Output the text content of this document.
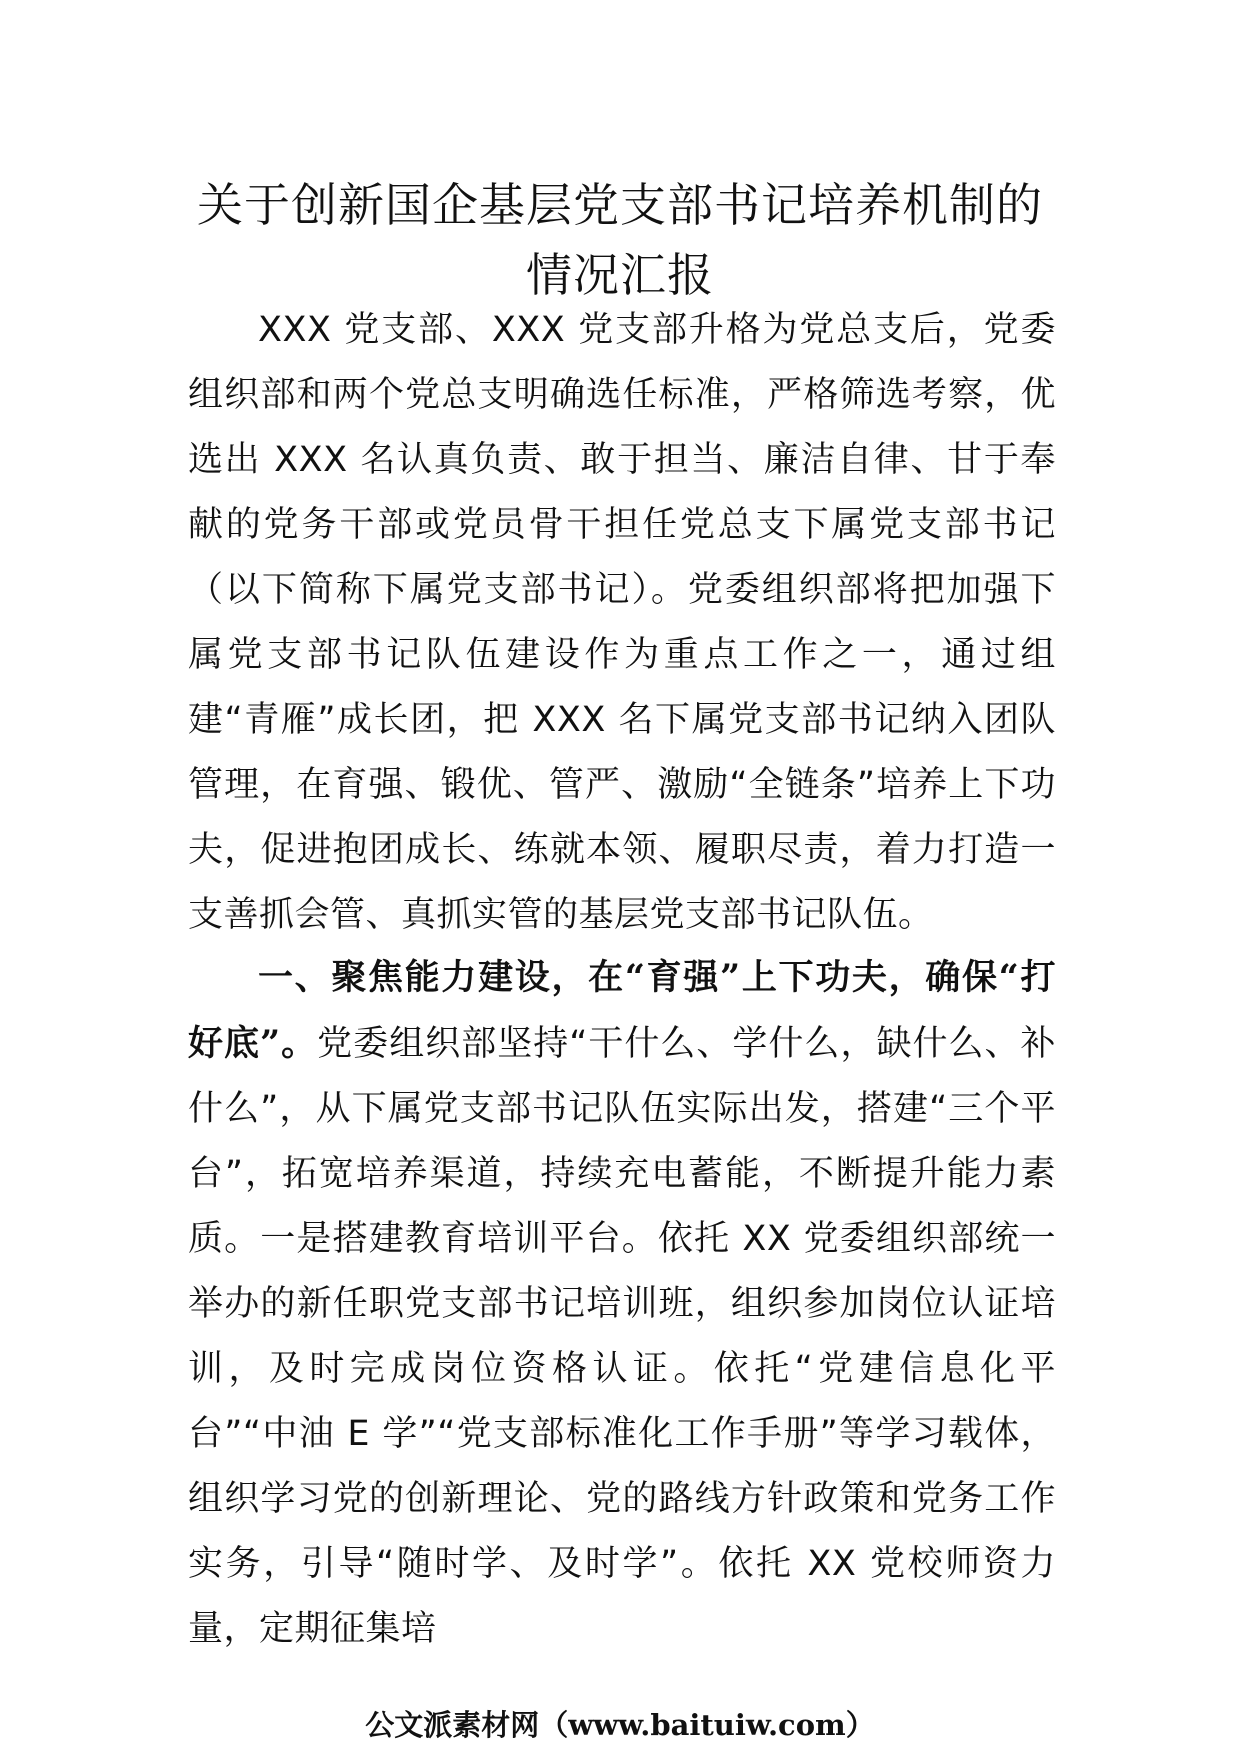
关于创新国企基层党支部书记培养机制的
情况汇报

XXX 党支部、XXX 党支部升格为党总支后，党委组织部和两个党总支明确选任标准，严格筛选考察，优选出 XXX 名认真负责、敢于担当、廉洁自律、甘于奉献的党务干部或党员骨干担任党总支下属党支部书记（以下简称下属党支部书记）。党委组织部将把加强下属党支部书记队伍建设作为重点工作之一，通过组建“青雁”成长团，把 XXX 名下属党支部书记纳入团队管理，在育强、锻优、管严、激励“全链条”培养上下功夫，促进抱团成长、练就本领、履职尽责，着力打造一支善抓会管、真抓实管的基层党支部书记队伍。

一、聚焦能力建设，在“育强”上下功夫，确保“打好底”。党委组织部坚持“干什么、学什么，缺什么、补什么”，从下属党支部书记队伍实际出发，搭建“三个平台”，拓宽培养渠道，持续充电蓄能，不断提升能力素质。一是搭建教育培训平台。依托 XX 党委组织部统一举办的新任职党支部书记培训班，组织参加岗位认证培训，及时完成岗位资格认证。依托“党建信息化平台”“中油 E 学”“党支部标准化工作手册”等学习载体，组织学习党的创新理论、党的路线方针政策和党务工作实务，引导“随时学、及时学”。依托 XX 党校师资力量，定期征集培

公文派素材网（www.baituiw.com）
